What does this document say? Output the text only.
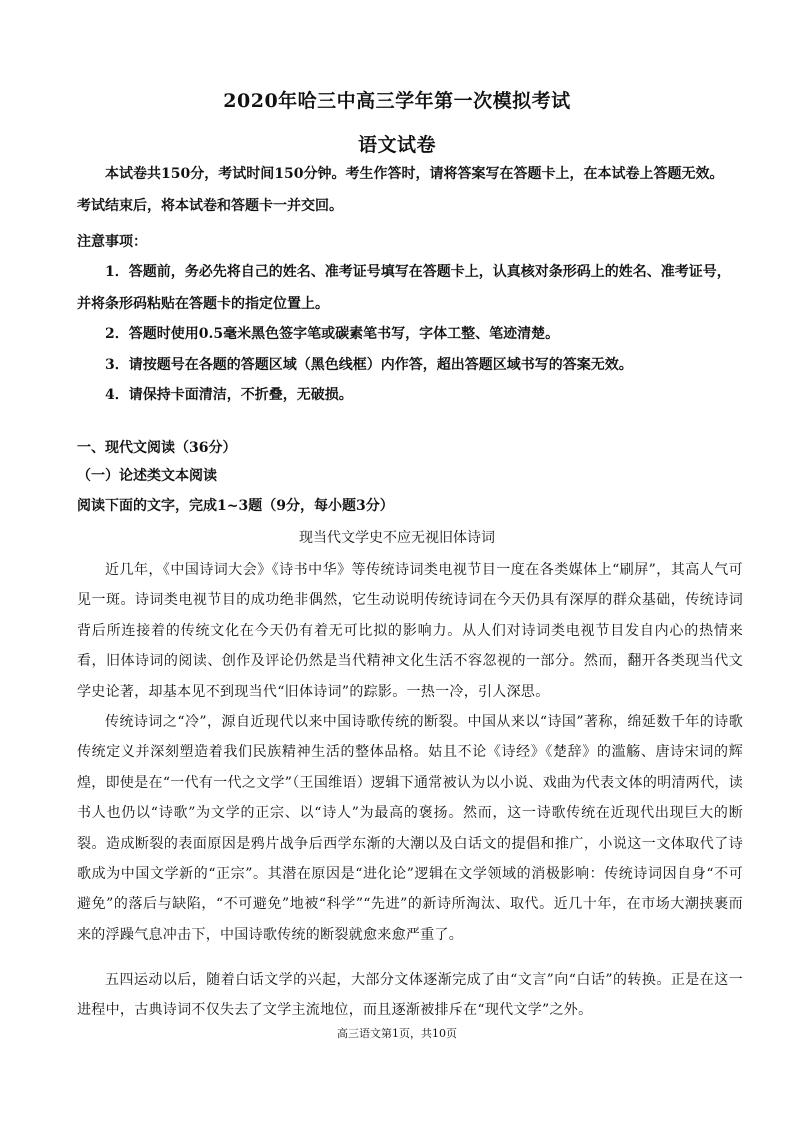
2020年哈三中高三学年第一次模拟考试
语文试卷
本试卷共150分，考试时间150分钟。考生作答时，请将答案写在答题卡上，在本试卷上答题无效。
考试结束后，将本试卷和答题卡一并交回。
注意事项：
1．答题前，务必先将自己的姓名、准考证号填写在答题卡上，认真核对条形码上的姓名、准考证号，
并将条形码粘贴在答题卡的指定位置上。
2．答题时使用0.5毫米黑色签字笔或碳素笔书写，字体工整、笔迹清楚。
3．请按题号在各题的答题区域（黑色线框）内作答，超出答题区域书写的答案无效。
4．请保持卡面清洁，不折叠，无破损。
一、现代文阅读（36分）
（一）论述类文本阅读
阅读下面的文字，完成1~3题（9分，每小题3分）
现当代文学史不应无视旧体诗词

近几年，《中国诗词大会》《诗书中华》等传统诗词类电视节目一度在各类媒体上“刷屏”，其高人气可见一斑。诗词类电视节目的成功绝非偶然，它生动说明传统诗词在今天仍具有深厚的群众基础，传统诗词背后所连接着的传统文化在今天仍有着无可比拟的影响力。从人们对诗词类电视节目发自内心的热情来看，旧体诗词的阅读、创作及评论仍然是当代精神文化生活不容忽视的一部分。然而，翻开各类现当代文学史论著，却基本见不到现当代“旧体诗词”的踪影。一热一冷，引人深思。

传统诗词之“冷”，源自近现代以来中国诗歌传统的断裂。中国从来以“诗国”著称，绵延数千年的诗歌传统定义并深刻塑造着我们民族精神生活的整体品格。姑且不论《诗经》《楚辞》的滥觞、唐诗宋词的辉煌，即使是在“一代有一代之文学”（王国维语）逻辑下通常被认为以小说、戏曲为代表文体的明清两代，读书人也仍以“诗歌”为文学的正宗、以“诗人”为最高的褒扬。然而，这一诗歌传统在近现代出现巨大的断裂。造成断裂的表面原因是鸦片战争后西学东渐的大潮以及白话文的提倡和推广，小说这一文体取代了诗歌成为中国文学新的“正宗”。其潜在原因是“进化论”逻辑在文学领域的消极影响：传统诗词因自身“不可避免”的落后与缺陷，“不可避免”地被“科学”“先进”的新诗所淘汰、取代。近几十年，在市场大潮挟裹而来的浮躁气息冲击下，中国诗歌传统的断裂就愈来愈严重了。

五四运动以后，随着白话文学的兴起，大部分文体逐渐完成了由“文言”向“白话”的转换。正是在这一进程中，古典诗词不仅失去了文学主流地位，而且逐渐被排斥在“现代文学”之外。

高三语文第1页，共10页
